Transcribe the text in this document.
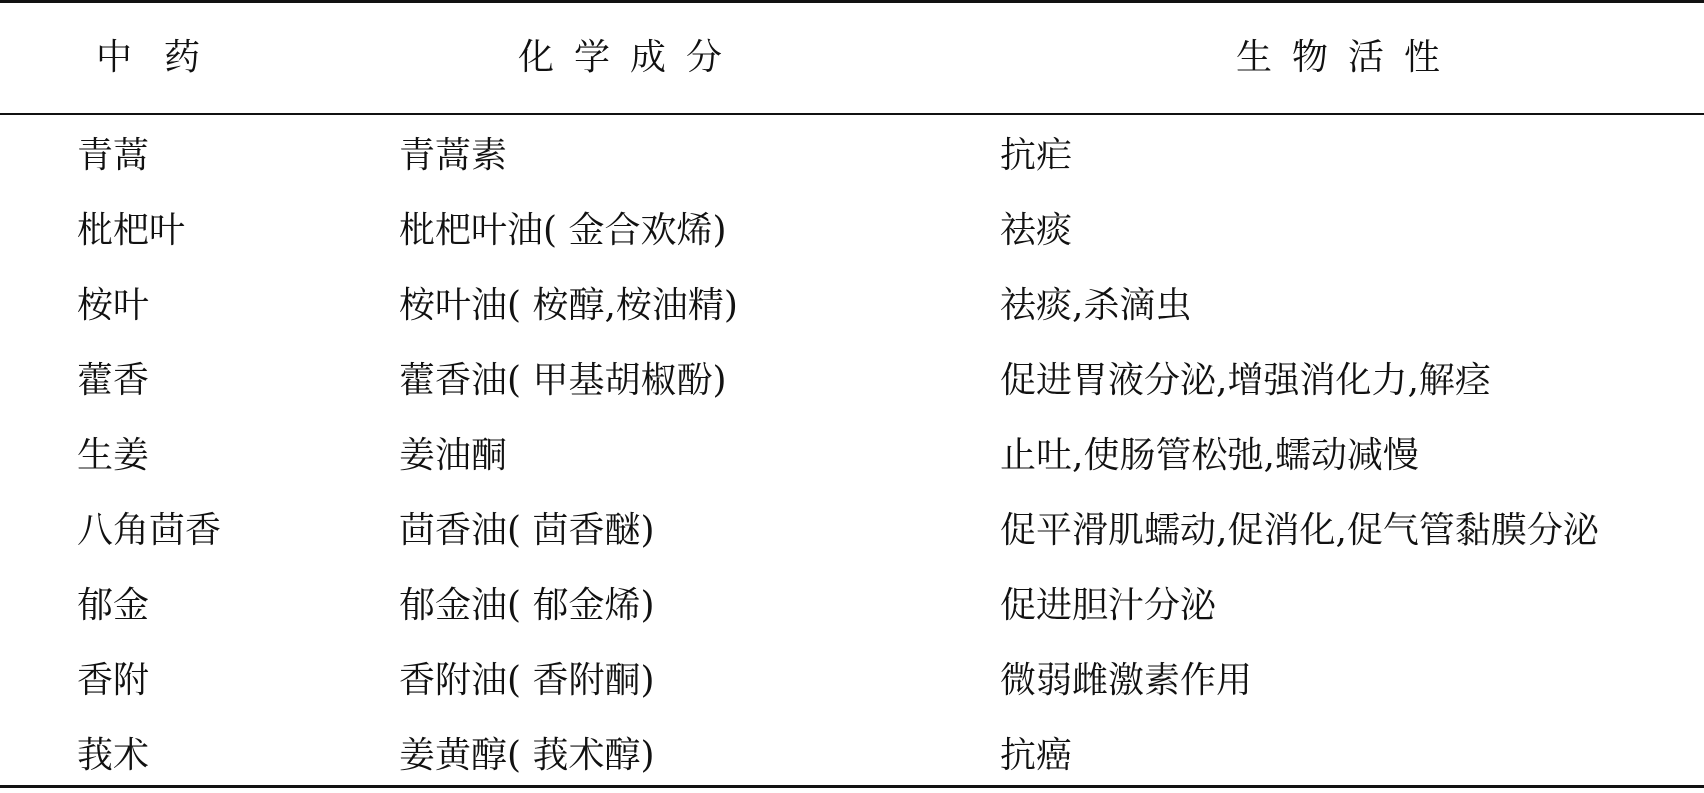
中药	化学成分	生物活性
青蒿	青蒿素	抗疟
枇杷叶	枇杷叶油( 金合欢烯)	祛痰
桉叶	桉叶油( 桉醇,桉油精)	祛痰,杀滴虫
藿香	藿香油( 甲基胡椒酚)	促进胃液分泌,增强消化力,解痉
生姜	姜油酮	止吐,使肠管松弛,蠕动减慢
八角茴香	茴香油( 茴香醚)	促平滑肌蠕动,促消化,促气管黏膜分泌
郁金	郁金油( 郁金烯)	促进胆汁分泌
香附	香附油( 香附酮)	微弱雌激素作用
莪术	姜黄醇( 莪术醇)	抗癌
